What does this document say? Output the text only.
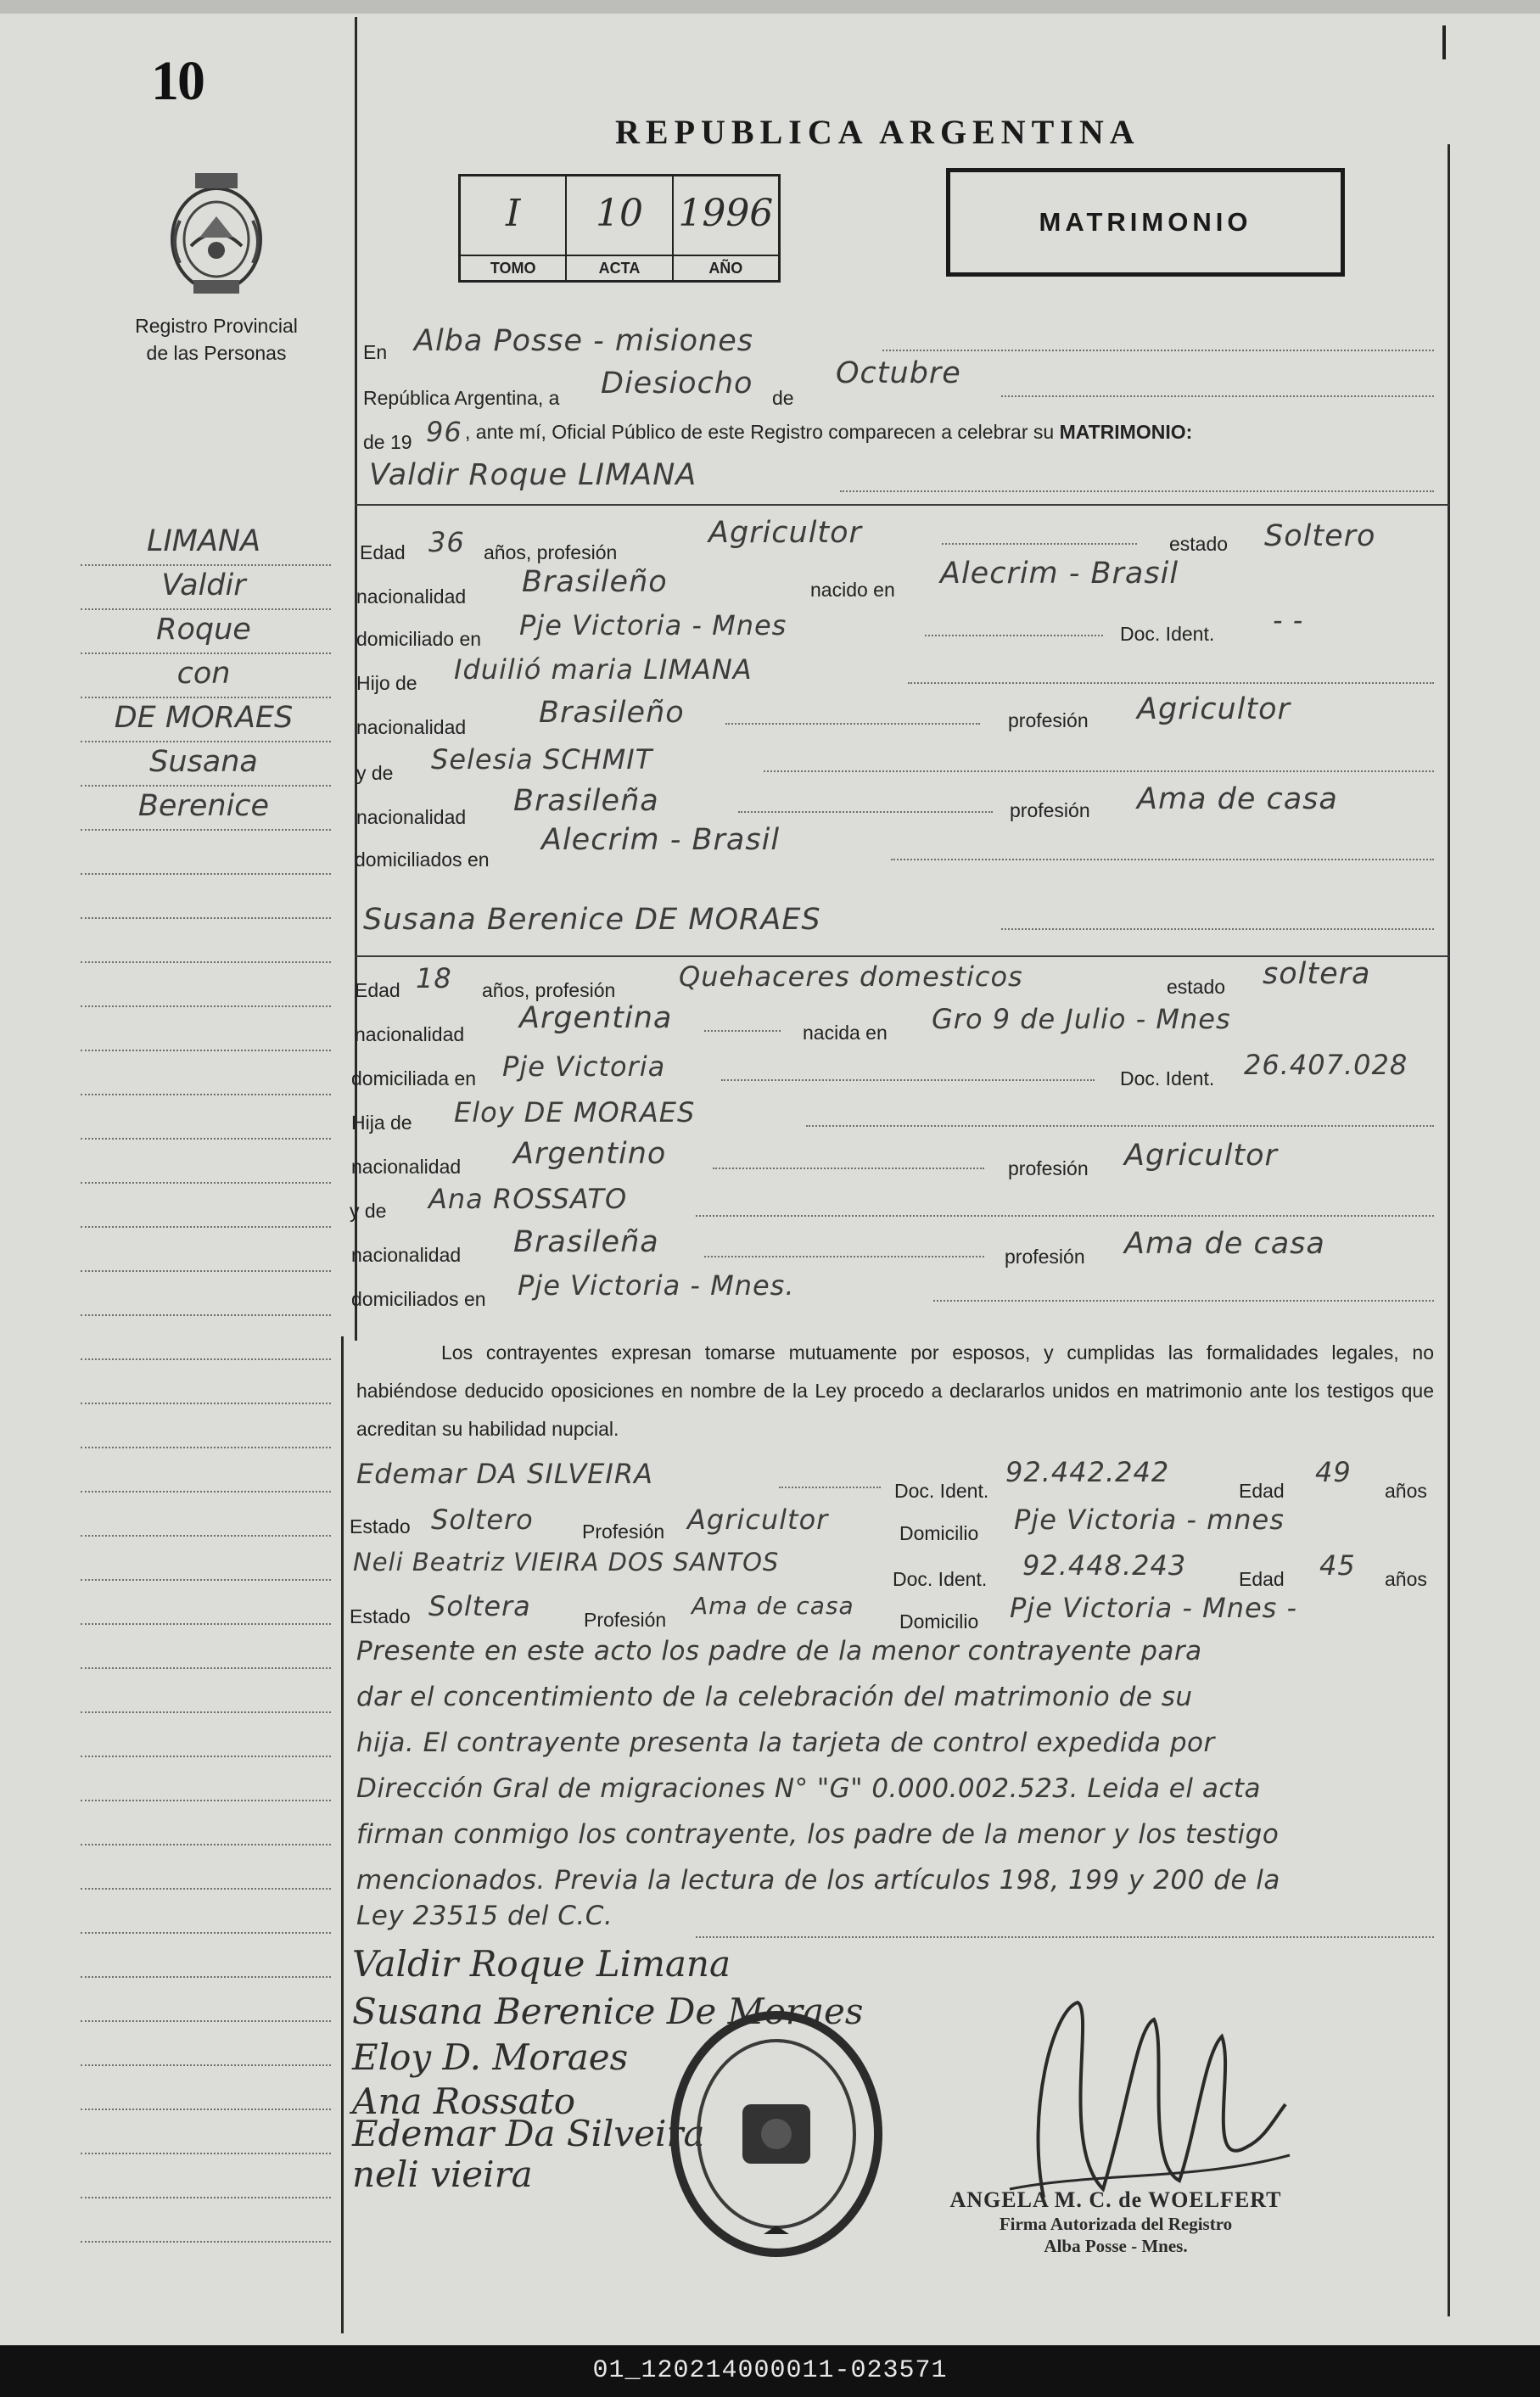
10
Registro Provincial
de las Personas
REPUBLICA ARGENTINA
I
TOMO
10
ACTA
1996
AÑO
MATRIMONIO
LIMANA
Valdir
Roque
con
DE MORAES
Susana
Berenice
En Alba Posse - misiones
República Argentina, a Diesiocho de
Octubre
de 19 96 , ante mí, Oficial Público de este Registro comparecen a celebrar su MATRIMONIO:
Valdir Roque LIMANA
Edad 36 años, profesión
Agricultor	estado Soltero
nacionalidad Brasileño	nacido en Alecrim - Brasil
domiciliado en Pje Victoria - Mnes	Doc. Ident. - -
Hijo de Iduilió maria LIMANA
nacionalidad Brasileño	profesión Agricultor
y de Selesia SCHMIT
nacionalidad Brasileña	profesión Ama de casa
domiciliados en
Alecrim - Brasil
Susana Berenice DE MORAES
Edad 18 años, profesión Quehaceres domesticos	estado soltera
nacionalidad Argentina	nacida en Gro 9 de Julio - Mnes
domiciliada en Pje Victoria	Doc. Ident. 26.407.028
Hija de Eloy DE MORAES
nacionalidad Argentino	profesión Agricultor
y de Ana ROSSATO
nacionalidad Brasileña	profesión Ama de casa
domiciliados en Pje Victoria - Mnes.
Los contrayentes expresan tomarse mutuamente por esposos, y cumplidas las formalidades legales, no habiéndose deducido oposiciones en nombre de la Ley procedo a declararlos unidos en matrimonio ante los testigos que acreditan su habilidad nupcial.
Edemar DA SILVEIRA
Doc. Ident.
92.442.242
Edad
49
años
Estado Soltero Profesión Agricultor	Domicilio Pje Victoria - mnes
Neli Beatriz VIEIRA DOS SANTOS
Doc. Ident. 92.448.243	Edad 45 años
Estado Soltera	Profesión Ama de casa
Domicilio Pje Victoria - Mnes -
Presente en este acto los padre de la menor contrayente para
dar el concentimiento de la celebración del matrimonio de su
hija. El contrayente presenta la tarjeta de control expedida por
Dirección Gral de migraciones N° "G" 0.000.002.523. Leida el acta
firman conmigo los contrayente, los padre de la menor y los testigo
mencionados. Previa la lectura de los artículos 198, 199 y 200 de la
Ley 23515 del C.C.
Valdir Roque Limana
Susana Berenice De Moraes
Eloy D. Moraes
Ana Rossato
Edemar Da Silveira
neli vieira
ANGELA M. C. de WOELFERT
Firma Autorizada del Registro
Alba Posse - Mnes.
01_120214000011-023571
